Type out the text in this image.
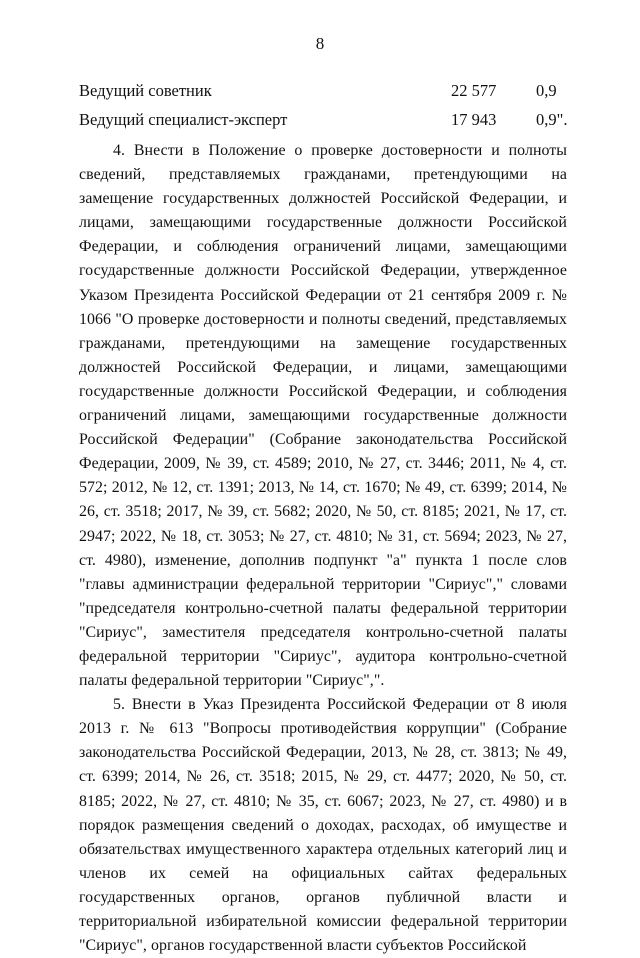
8
Ведущий советник	22 577 0,9
Ведущий специалист-эксперт	17 943 0,9".

4. Внести в Положение о проверке достоверности и полноты сведений, представляемых гражданами, претендующими на замещение государственных должностей Российской Федерации, и лицами, замещающими государственные должности Российской Федерации, и соблюдения ограничений лицами, замещающими государственные должности Российской Федерации, утвержденное Указом Президента Российской Федерации от 21 сентября 2009 г. № 1066 "О проверке достоверности и полноты сведений, представляемых гражданами, претендующими на замещение государственных должностей Российской Федерации, и лицами, замещающими государственные должности Российской Федерации, и соблюдения ограничений лицами, замещающими государственные должности Российской Федерации" (Собрание законодательства Российской Федерации, 2009, № 39, ст. 4589; 2010, № 27, ст. 3446; 2011, № 4, ст. 572; 2012, № 12, ст. 1391; 2013, № 14, ст. 1670; № 49, ст. 6399; 2014, № 26, ст. 3518; 2017, № 39, ст. 5682; 2020, № 50, ст. 8185; 2021, № 17, ст. 2947; 2022, № 18, ст. 3053; № 27, ст. 4810; № 31, ст. 5694; 2023, № 27, ст. 4980), изменение, дополнив подпункт "а" пункта 1 после слов "главы администрации федеральной территории "Сириус"," словами "председателя контрольно-счетной палаты федеральной территории "Сириус", заместителя председателя контрольно-счетной палаты федеральной территории "Сириус", аудитора контрольно-счетной палаты федеральной территории "Сириус",".

5. Внести в Указ Президента Российской Федерации от 8 июля 2013 г. № 613 "Вопросы противодействия коррупции" (Собрание законодательства Российской Федерации, 2013, № 28, ст. 3813; № 49, ст. 6399; 2014, № 26, ст. 3518; 2015, № 29, ст. 4477; 2020, № 50, ст. 8185; 2022, № 27, ст. 4810; № 35, ст. 6067; 2023, № 27, ст. 4980) и в порядок размещения сведений о доходах, расходах, об имуществе и обязательствах имущественного характера отдельных категорий лиц и членов их семей на официальных сайтах федеральных государственных органов, органов публичной власти и территориальной избирательной комиссии федеральной территории "Сириус", органов государственной власти субъектов Российской
